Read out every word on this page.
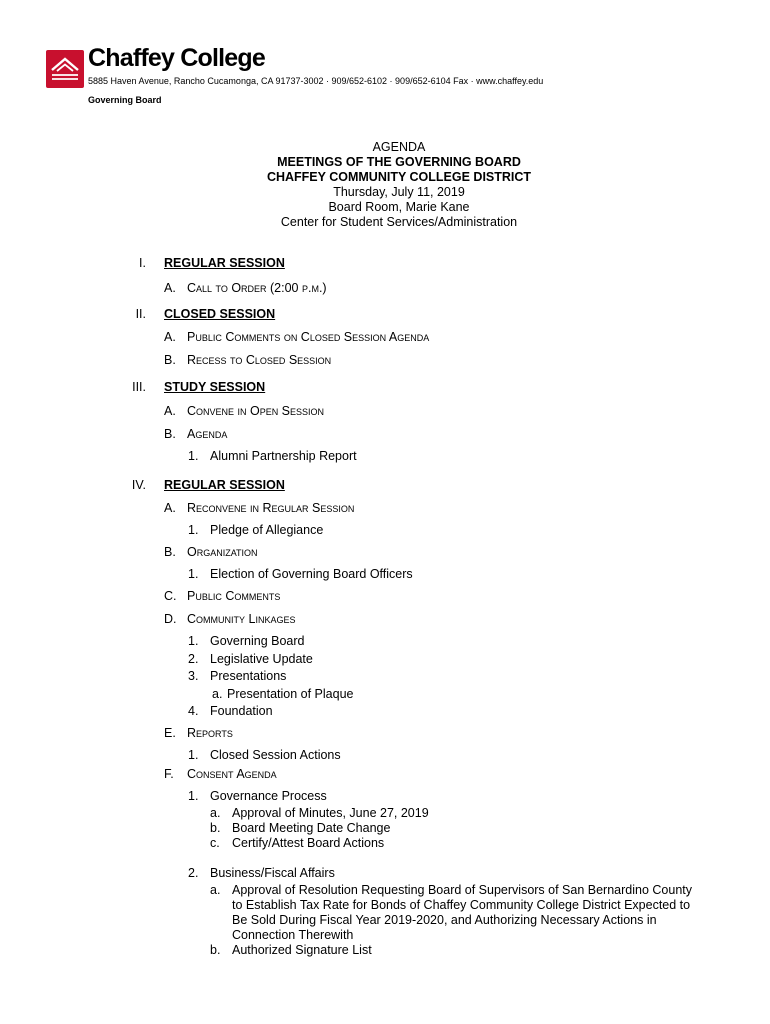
Chaffey College
5885 Haven Avenue, Rancho Cucamonga, CA 91737-3002 · 909/652-6102 · 909/652-6104 Fax · www.chaffey.edu
Governing Board
AGENDA
MEETINGS OF THE GOVERNING BOARD
CHAFFEY COMMUNITY COLLEGE DISTRICT
Thursday, July 11, 2019
Board Room, Marie Kane
Center for Student Services/Administration
I. REGULAR SESSION
A. Call to Order (2:00 p.m.)
II. CLOSED SESSION
A. Public Comments on Closed Session Agenda
B. Recess to Closed Session
III. STUDY SESSION
A. Convene in Open Session
B. Agenda
1. Alumni Partnership Report
IV. REGULAR SESSION
A. Reconvene in Regular Session
1. Pledge of Allegiance
B. Organization
1. Election of Governing Board Officers
C. Public Comments
D. Community Linkages
1. Governing Board
2. Legislative Update
3. Presentations
a. Presentation of Plaque
4. Foundation
E. Reports
1. Closed Session Actions
F. Consent Agenda
1. Governance Process
a. Approval of Minutes, June 27, 2019
b. Board Meeting Date Change
c. Certify/Attest Board Actions
2. Business/Fiscal Affairs
a. Approval of Resolution Requesting Board of Supervisors of San Bernardino County to Establish Tax Rate for Bonds of Chaffey Community College District Expected to Be Sold During Fiscal Year 2019-2020, and Authorizing Necessary Actions in Connection Therewith
b. Authorized Signature List
